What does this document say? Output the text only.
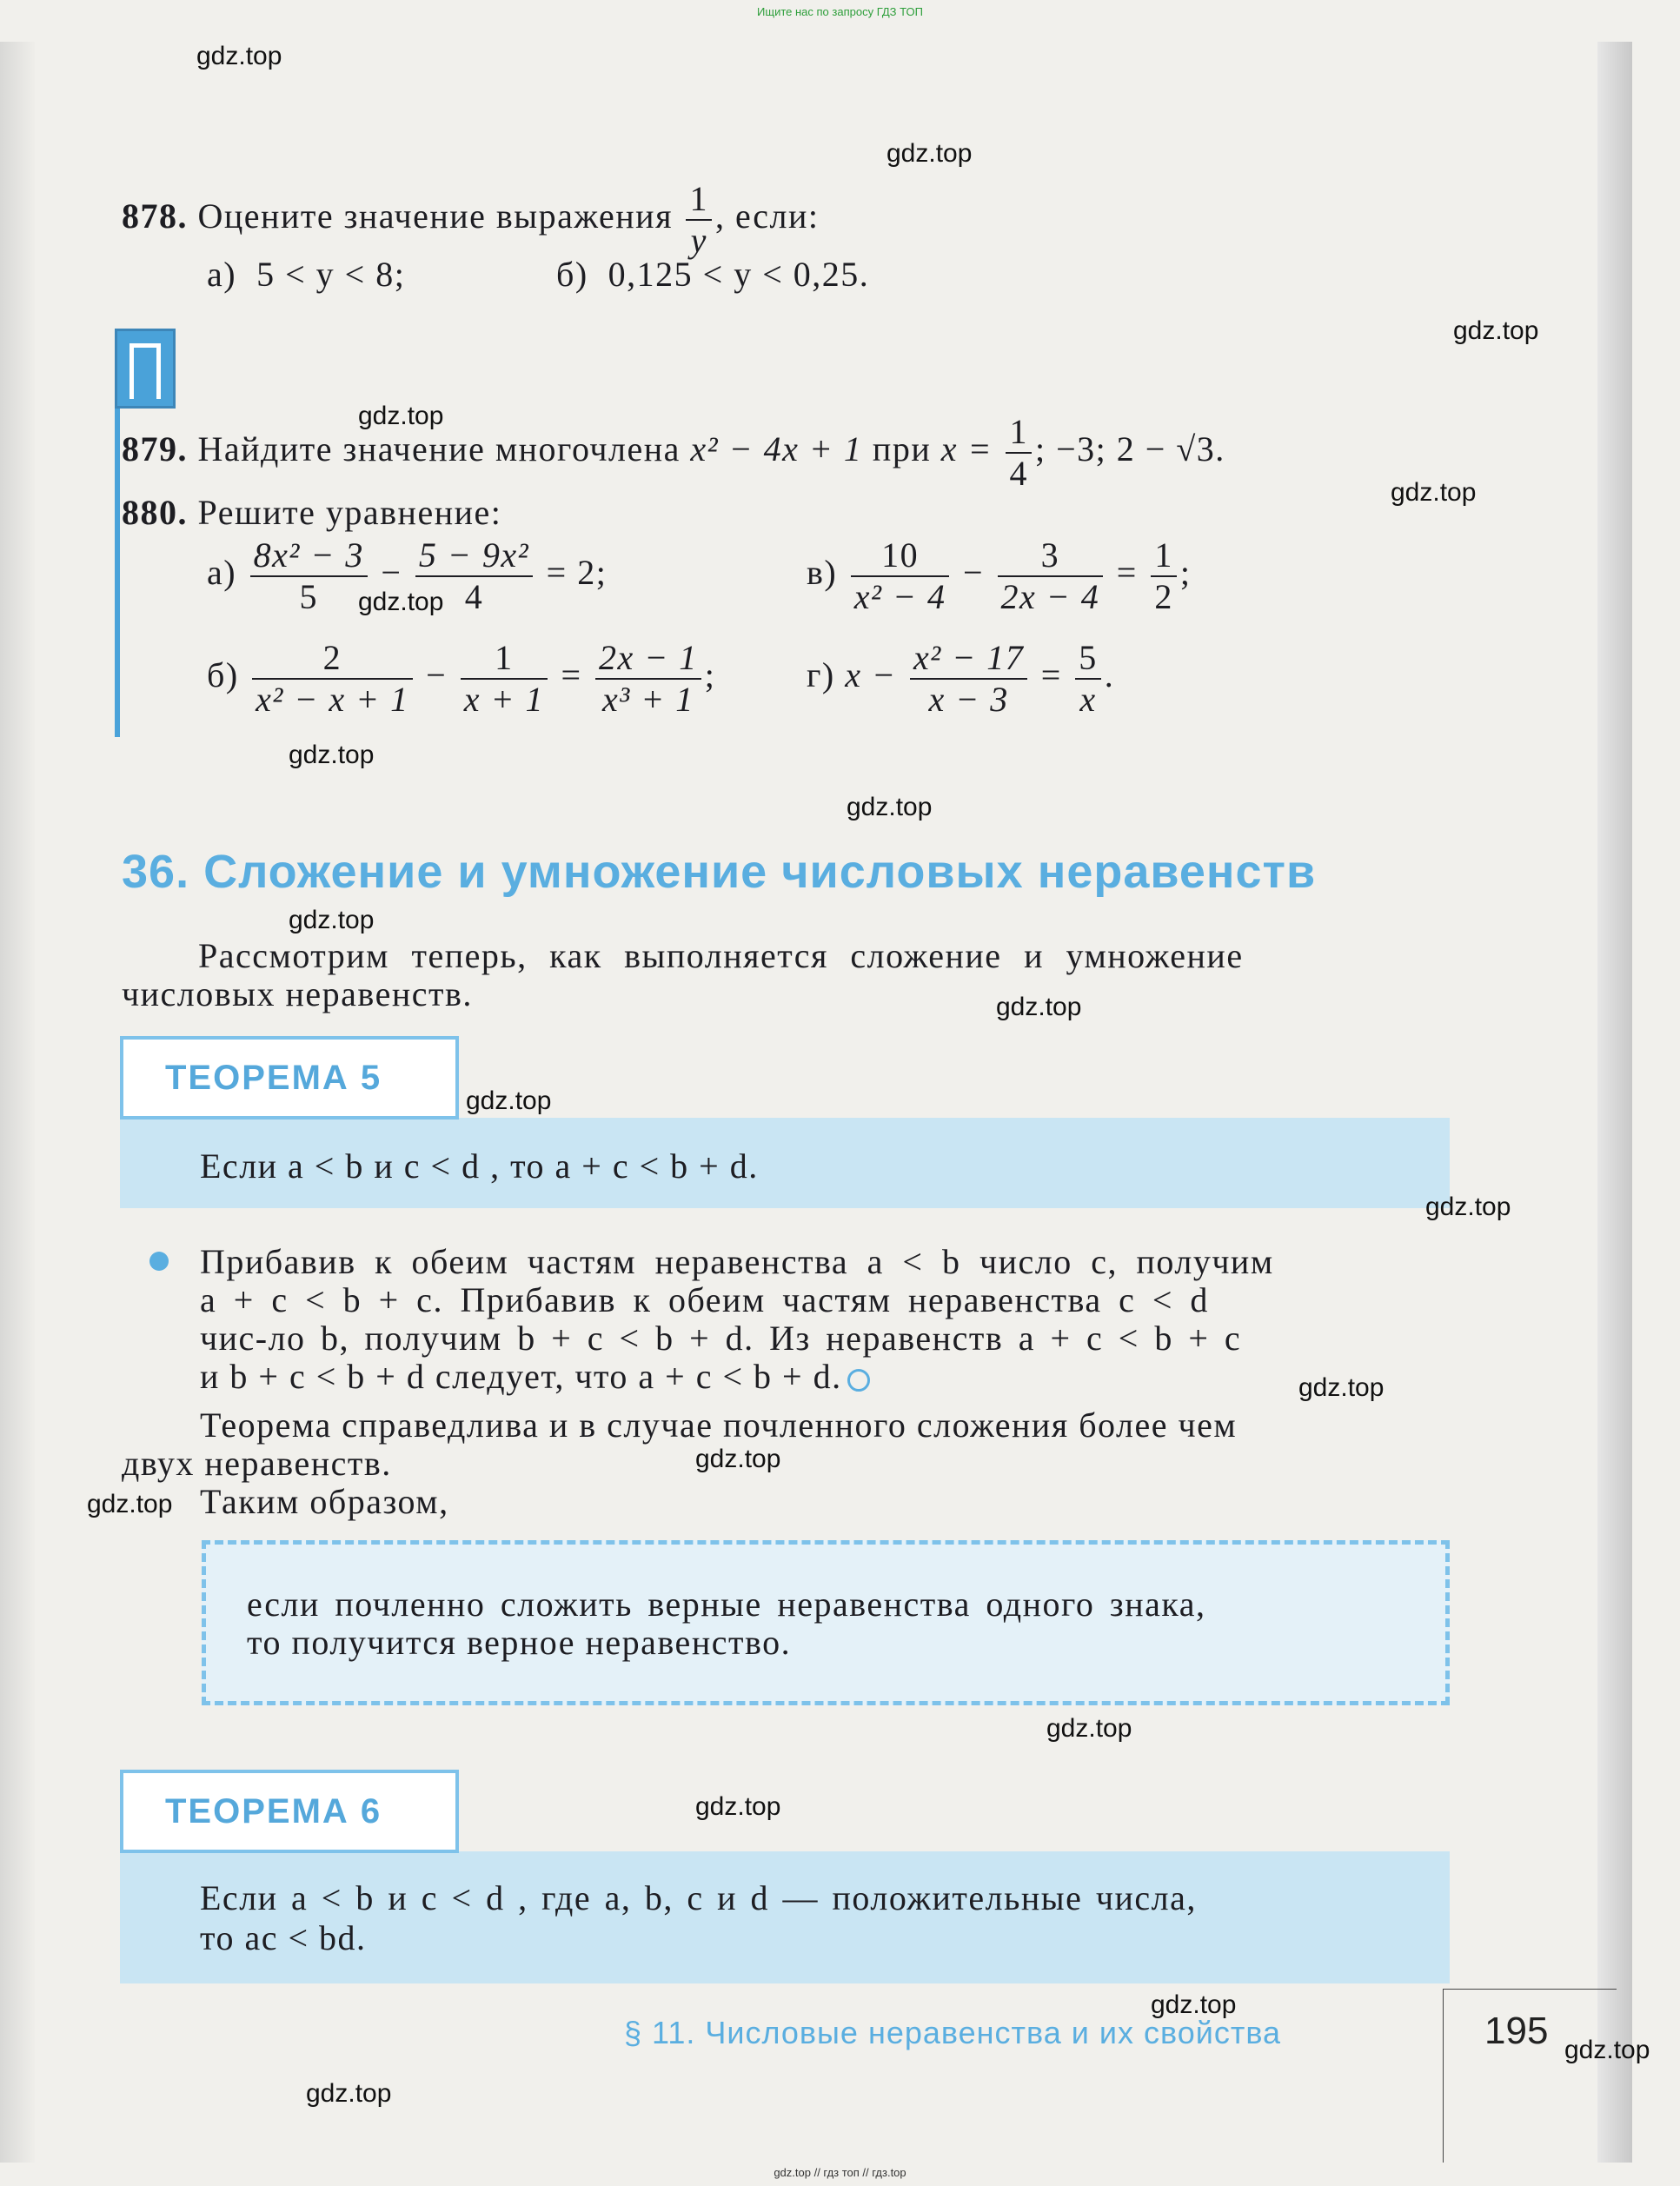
Ищите нас по запросу ГДЗ ТОП
878. Оцените значение выражения $\frac{1}{y}$ , если:
а) 5 < y < 8;	б) 0,125 < y < 0,25.
879. Найдите значение многочлена x² − 4x + 1 при $x = \frac{1}{4}$ ; −3; 2 − √3.
880. Решите уравнение:
$а) \frac{\text{8x² − 3}}{5} - \frac{\text{5 − 9x²}}{4} = 2$;	$в) \frac{10}{\text{x² − 4}} - \frac{3}{2x - 4} = \frac{1}{2}$ ;
$б) \frac{2}{\text{x² − x + 1}} - \frac{1}{x + 1} = \frac{2x - 1}{\text{x³ + 1}}$ ;	г) $x - \frac{\text{x² − 17}}{x - 3} = \frac{5}{x}$ .
36. Сложение и умножение числовых неравенств
Рассмотрим теперь, как выполняется сложение и умножение
числовых неравенств.
ТЕОРЕМА 5
Если a < b и c < d , то a + c < b + d.
Прибавив к обеим частям неравенства a < b число c, получим
a + c < b + c. Прибавив к обеим частям неравенства c < d
чис-ло b, получим b + c < b + d. Из неравенств a + c < b + c
и b + c < b + d следует, что a + c < b + d.
Теорема справедлива и в случае почленного сложения более чем
двух неравенств.
Таким образом,
если почленно сложить верные неравенства одного знака,
то получится верное неравенство.
ТЕОРЕМА 6
Если a < b и c < d , где a, b, c и d — положительные числа,
то ac < bd.
§ 11. Числовые неравенства и их свойства	195
gdz.top
gdz.top
gdz.top
gdz.top
gdz.top
gdz.top
gdz.top
gdz.top
gdz.top
gdz.top
gdz.top
gdz.top
gdz.top
gdz.top
gdz.top
gdz.top
gdz.top
gdz.top
gdz.top
gdz.top
gdz.top // гдз топ // гдз.top
